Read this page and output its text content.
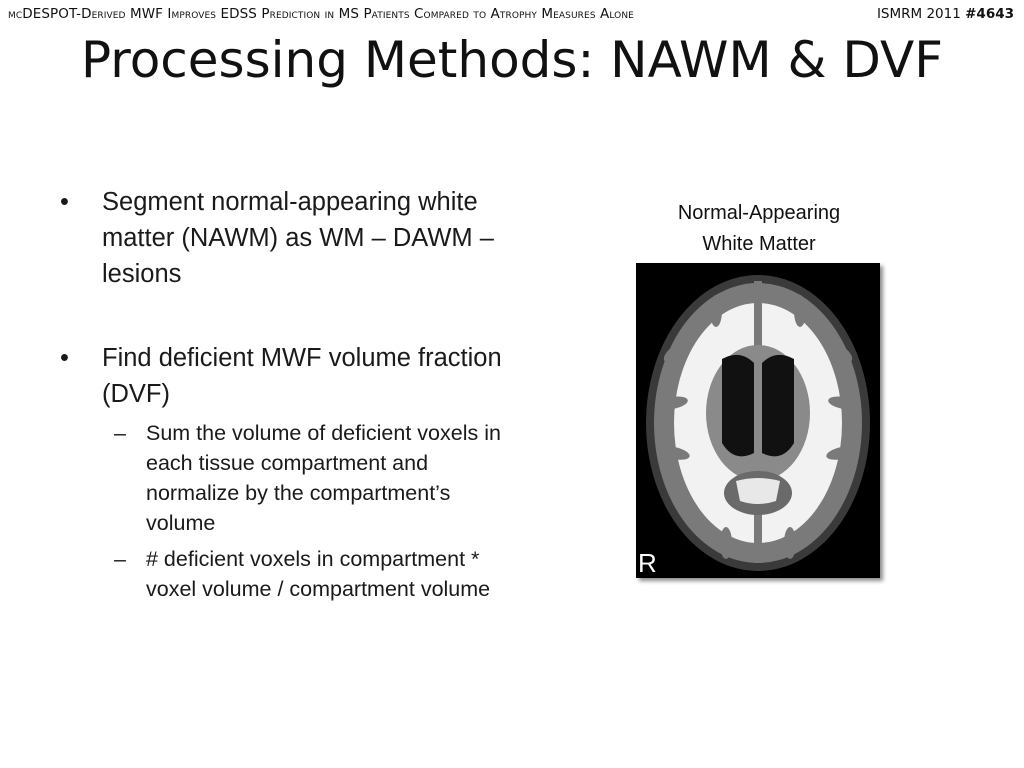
mcDESPOT-Derived MWF Improves EDSS Prediction in MS Patients Compared to Atrophy Measures Alone	ISMRM 2011 #4643
Processing Methods: NAWM & DVF
• Segment normal-appearing white matter (NAWM) as WM – DAWM – lesions
• Find deficient MWF volume fraction (DVF)
– Sum the volume of deficient voxels in each tissue compartment and normalize by the compartment’s volume
– # deficient voxels in compartment * voxel volume / compartment volume
Normal-Appearing
White Matter
R
